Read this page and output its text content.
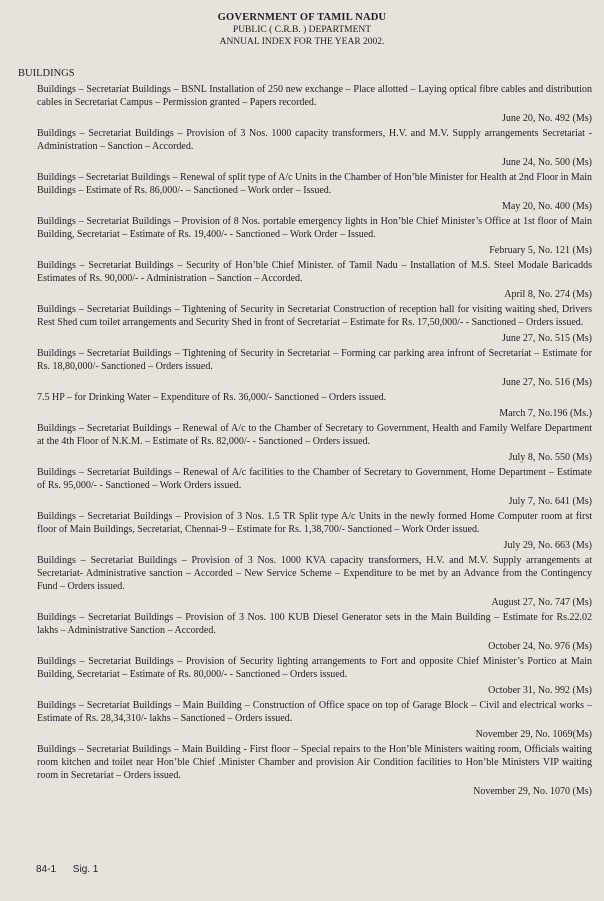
GOVERNMENT OF TAMIL NADU
PUBLIC ( C.R.B. ) DEPARTMENT
ANNUAL INDEX FOR THE YEAR 2002.
BUILDINGS
Buildings – Secretariat Buildings – BSNL Installation of 250 new exchange – Place allotted – Laying optical fibre cables and distribution cables in Secretariat Campus – Permission granted – Papers recorded.
June 20, No. 492 (Ms)
Buildings – Secretariat Buildings – Provision of 3 Nos. 1000 capacity transformers, H.V. and M.V. Supply arrangements Secretariat - Administration – Sanction – Accorded.
June 24, No. 500 (Ms)
Buildings – Secretariat Buildings – Renewal of split type of A/c Units in the Chamber of Hon’ble Minister for Health at 2nd Floor in Main Buildings – Estimate of Rs. 86,000/- – Sanctioned – Work order – Issued.
May 20, No. 400 (Ms)
Buildings – Secretariat Buildings – Provision of 8 Nos. portable emergency lights in Hon’ble Chief Minister’s Office at 1st floor of Main Building, Secretariat – Estimate of Rs. 19,400/- - Sanctioned – Work Order – Issued.
February 5, No. 121 (Ms)
Buildings – Secretariat Buildings – Security of Hon’ble Chief Minister. of Tamil Nadu – Installation of M.S. Steel Modale Baricadds Estimates of Rs. 90,000/- - Administration – Sanction – Accorded.
April 8, No. 274 (Ms)
Buildings – Secretariat Buildings – Tightening of Security in Secretariat Construction of reception hall for visiting waiting shed, Drivers Rest Shed cum toilet arrangements and Security Shed in front of Secretariat – Estimate for Rs. 17,50,000/- - Sanctioned – Orders issued.
June 27, No. 515 (Ms)
Buildings – Secretariat Buildings – Tightening of Security in Secretariat – Forming car parking area infront of Secretariat – Estimate for Rs. 18,80,000/- Sanctioned – Orders issued.
June 27, No. 516 (Ms)
7.5 HP – for Drinking Water – Expenditure of Rs. 36,000/- Sanctioned – Orders issued.
March 7, No.196 (Ms.)
Buildings – Secretariat Buildings – Renewal of A/c to the Chamber of Secretary to Government, Health and Family Welfare Department at the 4th Floor of N.K.M. – Estimate of Rs. 82,000/- - Sanctioned – Orders issued.
July 8, No. 550 (Ms)
Buildings – Secretariat Buildings – Renewal of A/c facilities to the Chamber of Secretary to Government, Home Department – Estimate of Rs. 95,000/- - Sanctioned – Work Orders issued.
July 7, No. 641 (Ms)
Buildings – Secretariat Buildings – Provision of 3 Nos. 1.5 TR Split type A/c Units in the newly formed Home Computer room at first floor of Main Buildings, Secretariat, Chennai-9 – Estimate for Rs. 1,38,700/- Sanctioned – Work Order issued.
July 29, No. 663 (Ms)
Buildings – Secretariat Buildings – Provision of 3 Nos. 1000 KVA capacity transformers, H.V. and M.V. Supply arrangements at Secretariat- Administrative sanction – Accorded – New Service Scheme – Expenditure to be met by an Advance from the Contingency Fund – Orders issued.
August 27, No. 747 (Ms)
Buildings – Secretariat Buildings – Provision of 3 Nos. 100 KUB Diesel Generator sets in the Main Building – Estimate for Rs.22.02 lakhs – Administrative Sanction – Accorded.
October 24, No. 976 (Ms)
Buildings – Secretariat Buildings – Provision of Security lighting arrangements to Fort and opposite Chief Minister’s Portico at Main Building, Secretariat – Estimate of Rs. 80,000/- - Sanctioned – Orders issued.
October 31, No. 992 (Ms)
Buildings – Secretariat Buildings – Main Building – Construction of Office space on top of Garage Block – Civil and electrical works – Estimate of Rs. 28,34,310/- lakhs – Sanctioned – Orders issued.
November 29, No. 1069(Ms)
Buildings – Secretariat Buildings – Main Building - First floor – Special repairs to the Hon’ble Ministers waiting room, Officials waiting room kitchen and toilet near Hon’ble Chief .Minister Chamber and provision Air Condition facilities to Hon’ble Ministers VIP waiting room in Secretariat – Orders issued.
November 29, No. 1070 (Ms)
84-1 Sig. 1
